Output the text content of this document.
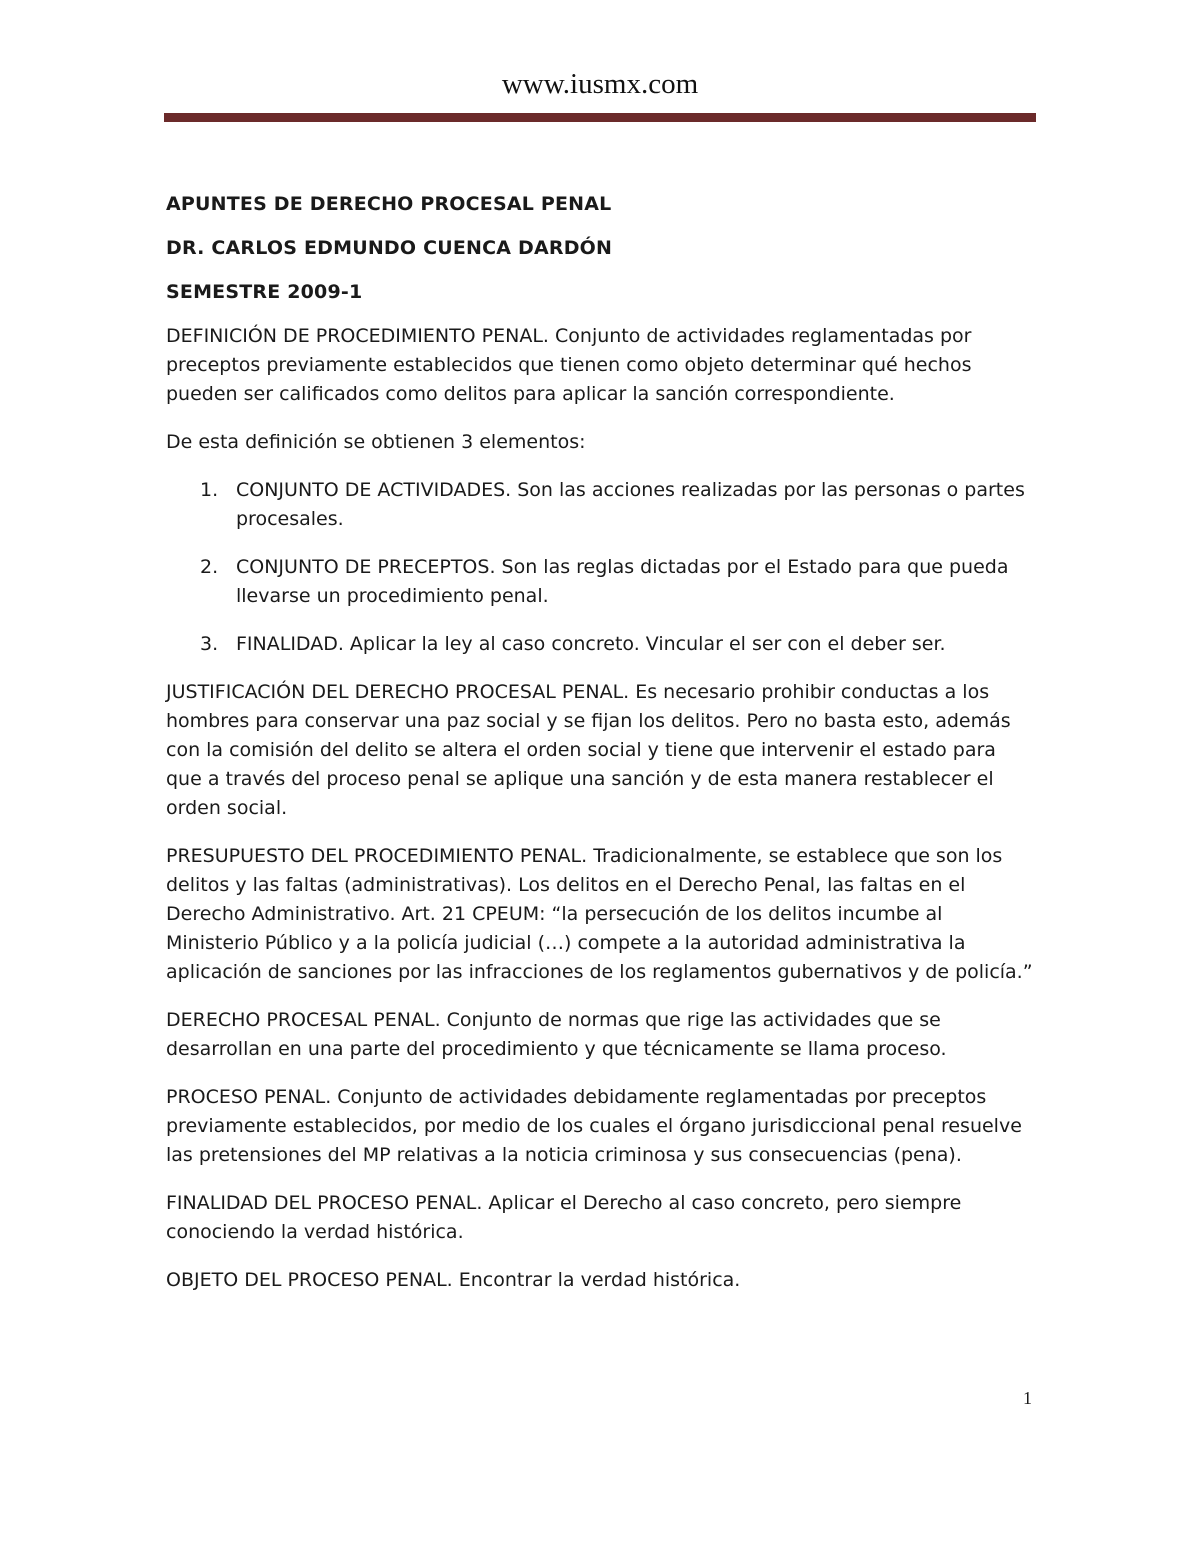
www.iusmx.com
APUNTES DE DERECHO PROCESAL PENAL
DR. CARLOS EDMUNDO CUENCA DARDÓN
SEMESTRE 2009-1

DEFINICIÓN DE PROCEDIMIENTO PENAL. Conjunto de actividades reglamentadas por preceptos previamente establecidos que tienen como objeto determinar qué hechos pueden ser calificados como delitos para aplicar la sanción correspondiente.

De esta definición se obtienen 3 elementos:

1. CONJUNTO DE ACTIVIDADES. Son las acciones realizadas por las personas o partes procesales.
2. CONJUNTO DE PRECEPTOS. Son las reglas dictadas por el Estado para que pueda llevarse un procedimiento penal.
3. FINALIDAD. Aplicar la ley al caso concreto. Vincular el ser con el deber ser.

JUSTIFICACIÓN DEL DERECHO PROCESAL PENAL. Es necesario prohibir conductas a los hombres para conservar una paz social y se fijan los delitos. Pero no basta esto, además con la comisión del delito se altera el orden social y tiene que intervenir el estado para que a través del proceso penal se aplique una sanción y de esta manera restablecer el orden social.

PRESUPUESTO DEL PROCEDIMIENTO PENAL. Tradicionalmente, se establece que son los delitos y las faltas (administrativas). Los delitos en el Derecho Penal, las faltas en el Derecho Administrativo. Art. 21 CPEUM: “la persecución de los delitos incumbe al Ministerio Público y a la policía judicial (…) compete a la autoridad administrativa la aplicación de sanciones por las infracciones de los reglamentos gubernativos y de policía.”

DERECHO PROCESAL PENAL. Conjunto de normas que rige las actividades que se desarrollan en una parte del procedimiento y que técnicamente se llama proceso.

PROCESO PENAL. Conjunto de actividades debidamente reglamentadas por preceptos previamente establecidos, por medio de los cuales el órgano jurisdiccional penal resuelve las pretensiones del MP relativas a la noticia criminosa y sus consecuencias (pena).

FINALIDAD DEL PROCESO PENAL. Aplicar el Derecho al caso concreto, pero siempre conociendo la verdad histórica.

OBJETO DEL PROCESO PENAL. Encontrar la verdad histórica.

1
